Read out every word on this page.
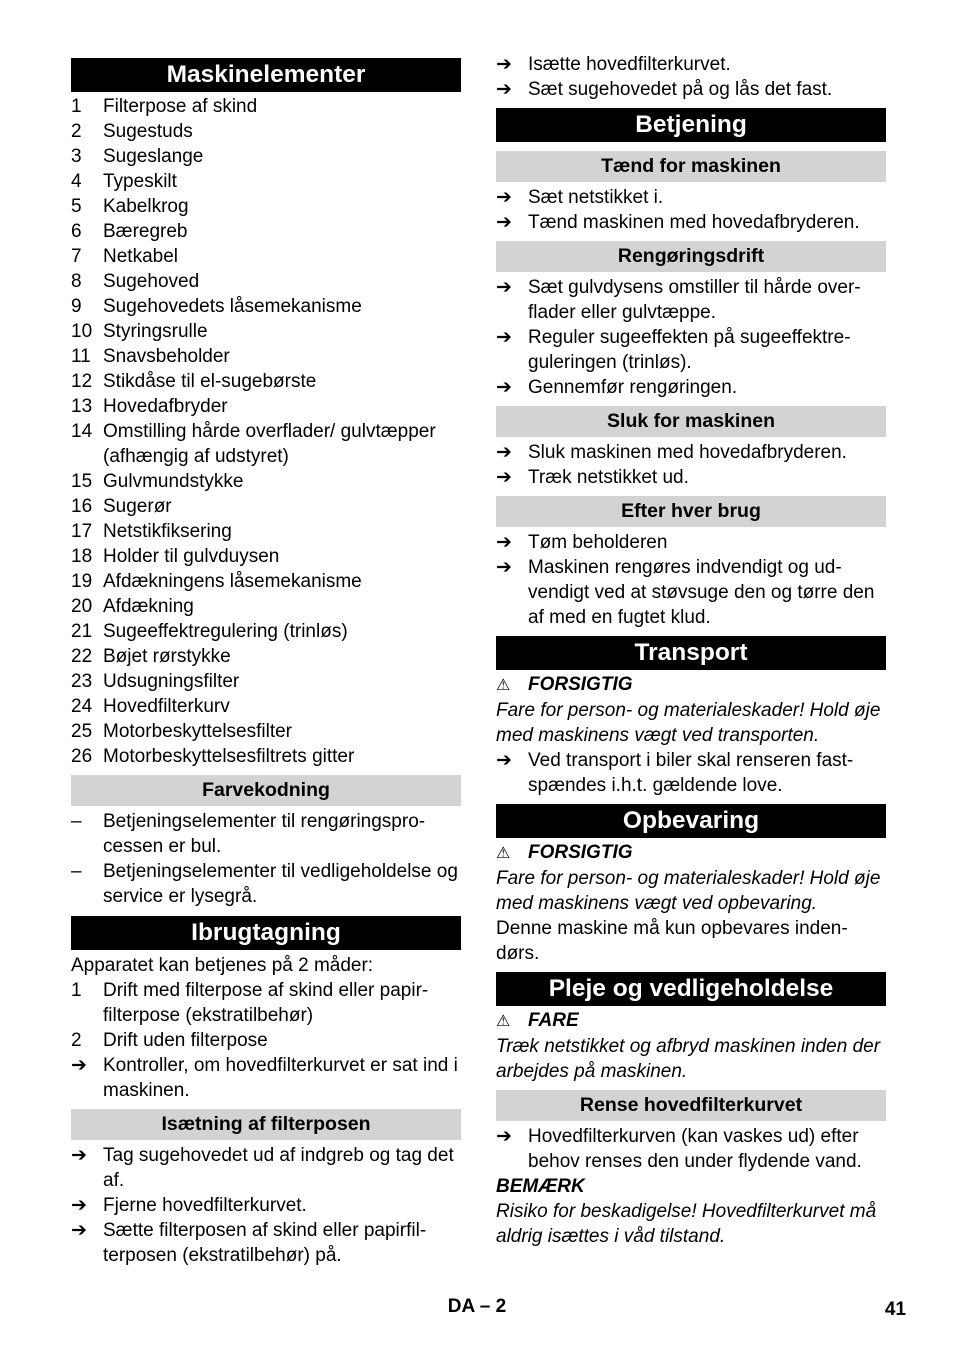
Maskinelementer
1	Filterpose af skind
2	Sugestuds
3	Sugeslange
4	Typeskilt
5	Kabelkrog
6	Bæregreb
7	Netkabel
8	Sugehoved
9	Sugehovedets låsemekanisme
10 Styringsrulle
11 Snavsbeholder
12 Stikdåse til el-sugebørste
13 Hovedafbryder
14 Omstilling hårde overflader/ gulvtæpper (afhængig af udstyret)
15 Gulvmundstykke
16 Sugerør
17 Netstikfiksering
18 Holder til gulvduysen
19 Afdækningens låsemekanisme
20 Afdækning
21 Sugeeffektregulering (trinløs)
22 Bøjet rørstykke
23 Udsugningsfilter
24 Hovedfilterkurv
25 Motorbeskyttelsesfilter
26 Motorbeskyttelsesfiltrets gitter
Farvekodning
–	Betjeningselementer til rengøringspro-cessen er bul.
–	Betjeningselementer til vedligeholdelse og service er lysegrå.
Ibrugtagning
Apparatet kan betjenes på 2 måder:
1	Drift med filterpose af skind eller papir-filterpose (ekstratilbehør)
2	Drift uden filterpose
➔ Kontroller, om hovedfilterkurvet er sat ind i maskinen.
Isætning af filterposen
➔ Tag sugehovedet ud af indgreb og tag det af.
➔ Fjerne hovedfilterkurvet.
➔ Sætte filterposen af skind eller papirfil-terposen (ekstratilbehør) på.
➔ Isætte hovedfilterkurvet.
➔ Sæt sugehovedet på og lås det fast.
Betjening
Tænd for maskinen
➔ Sæt netstikket i.
➔ Tænd maskinen med hovedafbryderen.
Rengøringsdrift
➔ Sæt gulvdysens omstiller til hårde over-flader eller gulvtæppe.
➔ Reguler sugeeffekten på sugeeffektre-guleringen (trinløs).
➔ Gennemfør rengøringen.
Sluk for maskinen
➔ Sluk maskinen med hovedafbryderen.
➔ Træk netstikket ud.
Efter hver brug
➔ Tøm beholderen
➔ Maskinen rengøres indvendigt og ud-vendigt ved at støvsuge den og tørre den af med en fugtet klud.
Transport
⚠ FORSIGTIG
Fare for person- og materialeskader! Hold øje med maskinens vægt ved transporten.
➔ Ved transport i biler skal renseren fast-spændes i.h.t. gældende love.
Opbevaring
⚠ FORSIGTIG
Fare for person- og materialeskader! Hold øje med maskinens vægt ved opbevaring.
Denne maskine må kun opbevares inden-dørs.
Pleje og vedligeholdelse
⚠ FARE
Træk netstikket og afbryd maskinen inden der arbejdes på maskinen.
Rense hovedfilterkurvet
➔ Hovedfilterkurven (kan vaskes ud) efter behov renses den under flydende vand.
BEMÆRK
Risiko for beskadigelse! Hovedfilterkurvet må aldrig isættes i våd tilstand.
DA – 2	41
